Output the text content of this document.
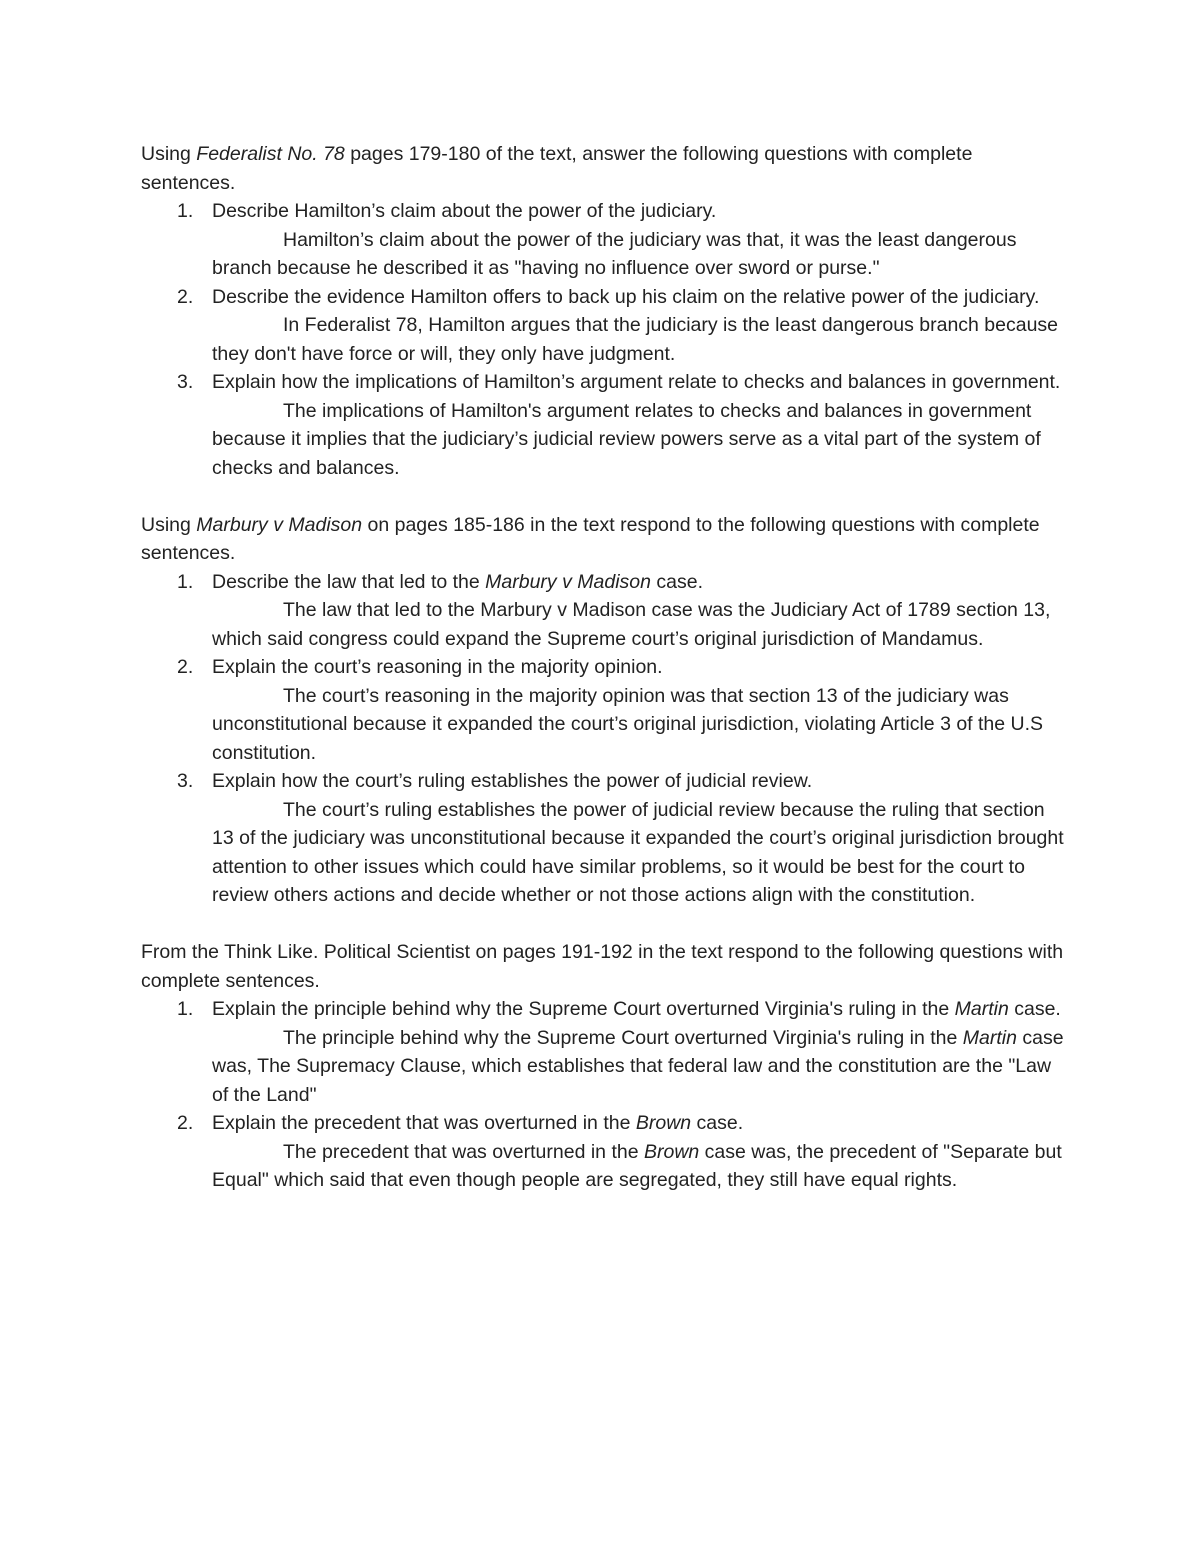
Using Federalist No. 78 pages 179-180 of the text, answer the following questions with complete sentences.

1. Describe Hamilton’s claim about the power of the judiciary.
Hamilton’s claim about the power of the judiciary was that, it was the least dangerous branch because he described it as "having no influence over sword or purse."
2. Describe the evidence Hamilton offers to back up his claim on the relative power of the judiciary.
In Federalist 78, Hamilton argues that the judiciary is the least dangerous branch because they don't have force or will, they only have judgment.
3. Explain how the implications of Hamilton’s argument relate to checks and balances in government.
The implications of Hamilton's argument relates to checks and balances in government because it implies that the judiciary’s judicial review powers serve as a vital part of the system of checks and balances.

Using Marbury v Madison on pages 185-186 in the text respond to the following questions with complete sentences.

1. Describe the law that led to the Marbury v Madison case.
The law that led to the Marbury v Madison case was the Judiciary Act of 1789 section 13, which said congress could expand the Supreme court’s original jurisdiction of Mandamus.
2. Explain the court’s reasoning in the majority opinion.
The court’s reasoning in the majority opinion was that section 13 of the judiciary was unconstitutional because it expanded the court’s original jurisdiction, violating Article 3 of the U.S constitution.
3. Explain how the court’s ruling establishes the power of judicial review.
The court’s ruling establishes the power of judicial review because the ruling that section 13 of the judiciary was unconstitutional because it expanded the court’s original jurisdiction brought attention to other issues which could have similar problems, so it would be best for the court to review others actions and decide whether or not those actions align with the constitution.

From the Think Like. Political Scientist on pages 191-192 in the text respond to the following questions with complete sentences.

1. Explain the principle behind why the Supreme Court overturned Virginia's ruling in the Martin case.
The principle behind why the Supreme Court overturned Virginia's ruling in the Martin case was, The Supremacy Clause, which establishes that federal law and the constitution are the "Law of the Land"
2. Explain the precedent that was overturned in the Brown case.
The precedent that was overturned in the Brown case was, the precedent of "Separate but Equal" which said that even though people are segregated, they still have equal rights.
